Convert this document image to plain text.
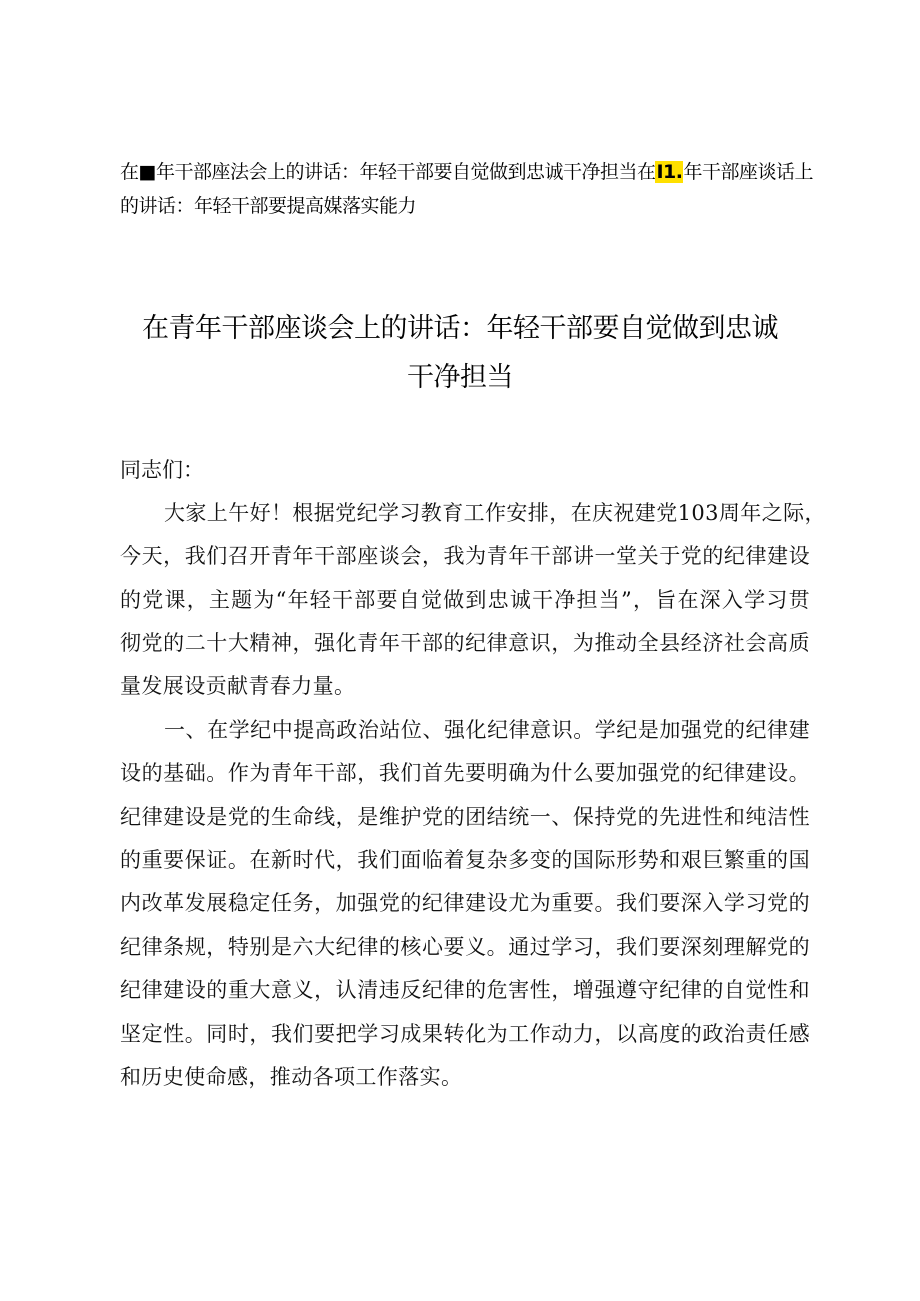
在■年干部座法会上的讲话：年轻干部要自觉做到忠诚干净担当在I1.年干部座谈话上
的讲话：年轻干部要提高媒落实能力
在青年干部座谈会上的讲话：年轻干部要自觉做到忠诚
干净担当
同志们：
大家上午好！根据党纪学习教育工作安排，在庆祝建党103周年之际，
今天，我们召开青年干部座谈会，我为青年干部讲一堂关于党的纪律建设
的党课，主题为“年轻干部要自觉做到忠诚干净担当”，旨在深入学习贯
彻党的二十大精神，强化青年干部的纪律意识，为推动全县经济社会高质
量发展设贡献青春力量。
一、在学纪中提高政治站位、强化纪律意识。学纪是加强党的纪律建
设的基础。作为青年干部，我们首先要明确为什么要加强党的纪律建设。
纪律建设是党的生命线，是维护党的团结统一、保持党的先进性和纯洁性
的重要保证。在新时代，我们面临着复杂多变的国际形势和艰巨繁重的国
内改革发展稳定任务，加强党的纪律建设尤为重要。我们要深入学习党的
纪律条规，特别是六大纪律的核心要义。通过学习，我们要深刻理解党的
纪律建设的重大意义，认清违反纪律的危害性，增强遵守纪律的自觉性和
坚定性。同时，我们要把学习成果转化为工作动力，以高度的政治责任感
和历史使命感，推动各项工作落实。
